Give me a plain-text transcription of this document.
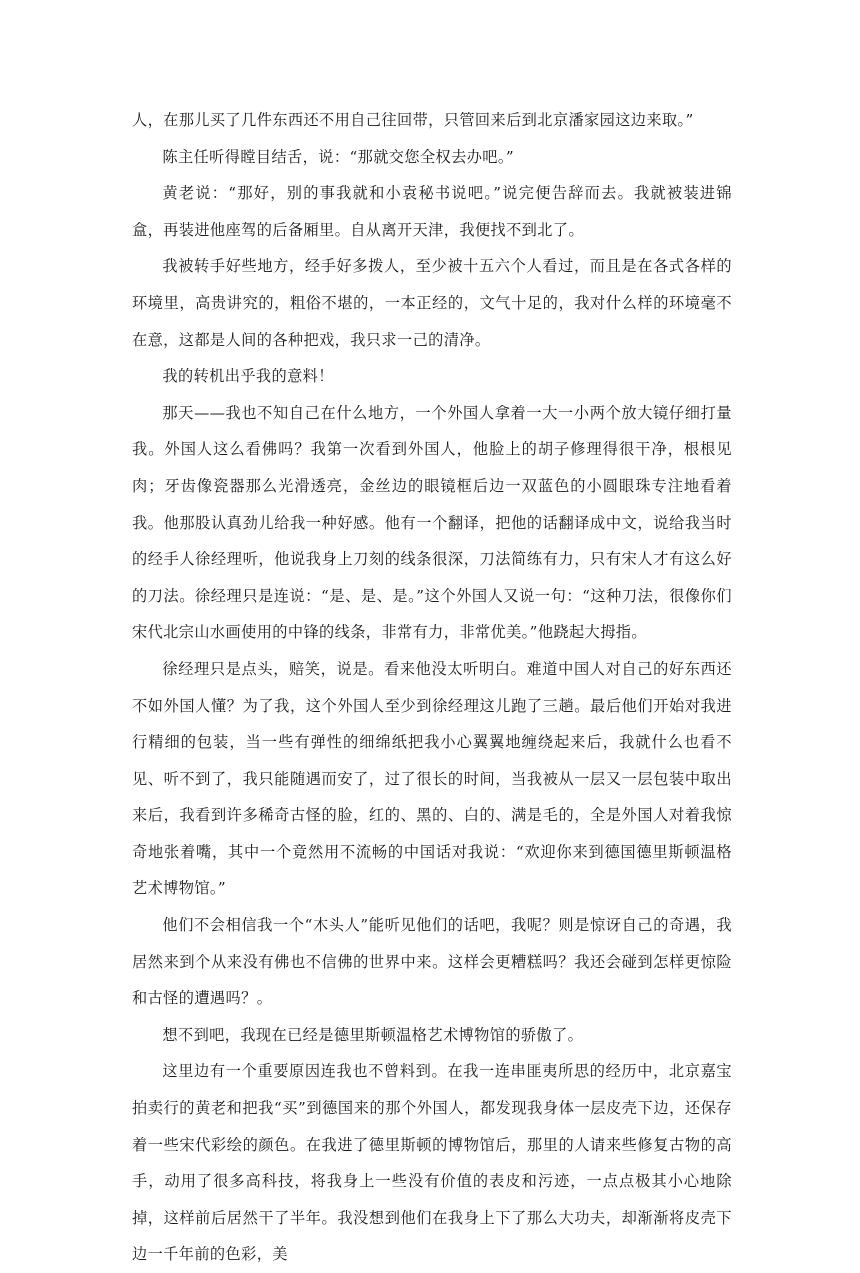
人，在那儿买了几件东西还不用自己往回带，只管回来后到北京潘家园这边来取。”

陈主任听得瞠目结舌，说：“那就交您全权去办吧。”

黄老说：“那好，别的事我就和小袁秘书说吧。”说完便告辞而去。我就被装进锦盒，再装进他座驾的后备厢里。自从离开天津，我便找不到北了。

我被转手好些地方，经手好多拨人，至少被十五六个人看过，而且是在各式各样的环境里，高贵讲究的，粗俗不堪的，一本正经的，文气十足的，我对什么样的环境毫不在意，这都是人间的各种把戏，我只求一己的清净。

我的转机出乎我的意料！

那天——我也不知自己在什么地方，一个外国人拿着一大一小两个放大镜仔细打量我。外国人这么看佛吗？我第一次看到外国人，他脸上的胡子修理得很干净，根根见肉；牙齿像瓷器那么光滑透亮，金丝边的眼镜框后边一双蓝色的小圆眼珠专注地看着我。他那股认真劲儿给我一种好感。他有一个翻译，把他的话翻译成中文，说给我当时的经手人徐经理听，他说我身上刀刻的线条很深，刀法简练有力，只有宋人才有这么好的刀法。徐经理只是连说：“是、是、是。”这个外国人又说一句：“这种刀法，很像你们宋代北宗山水画使用的中锋的线条，非常有力，非常优美。”他跷起大拇指。

徐经理只是点头，赔笑，说是。看来他没太听明白。难道中国人对自己的好东西还不如外国人懂？为了我，这个外国人至少到徐经理这儿跑了三趟。最后他们开始对我进行精细的包装，当一些有弹性的细绵纸把我小心翼翼地缠绕起来后，我就什么也看不见、听不到了，我只能随遇而安了，过了很长的时间，当我被从一层又一层包装中取出来后，我看到许多稀奇古怪的脸，红的、黑的、白的、满是毛的，全是外国人对着我惊奇地张着嘴，其中一个竟然用不流畅的中国话对我说：“欢迎你来到德国德里斯顿温格艺术博物馆。”

他们不会相信我一个“木头人”能听见他们的话吧，我呢？则是惊讶自己的奇遇，我居然来到个从来没有佛也不信佛的世界中来。这样会更糟糕吗？我还会碰到怎样更惊险和古怪的遭遇吗？。

想不到吧，我现在已经是德里斯顿温格艺术博物馆的骄傲了。

这里边有一个重要原因连我也不曾料到。在我一连串匪夷所思的经历中，北京嘉宝拍卖行的黄老和把我“买”到德国来的那个外国人，都发现我身体一层皮壳下边，还保存着一些宋代彩绘的颜色。在我进了德里斯顿的博物馆后，那里的人请来些修复古物的高手，动用了很多高科技，将我身上一些没有价值的表皮和污迹，一点点极其小心地除掉，这样前后居然干了半年。我没想到他们在我身上下了那么大功夫，却渐渐将皮壳下边一千年前的色彩，美
